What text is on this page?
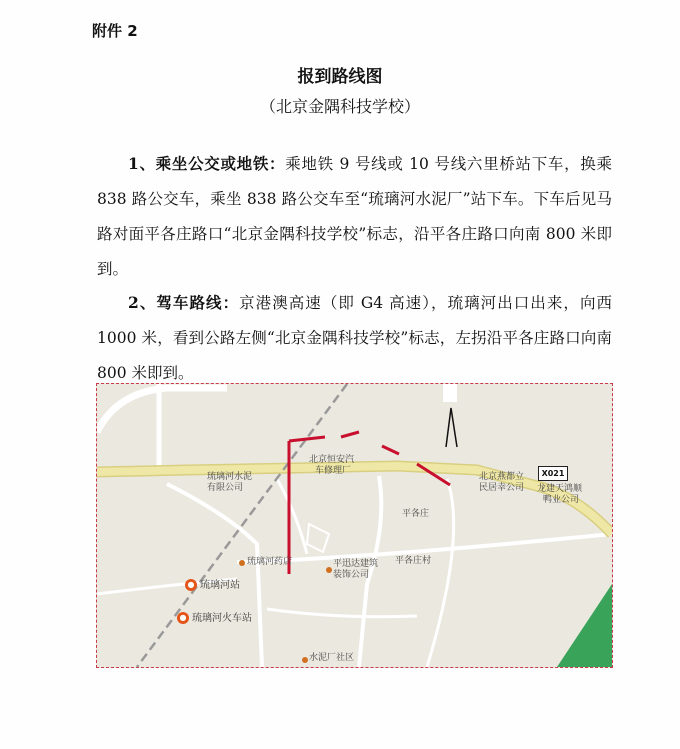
附件 2
报到路线图
（北京金隅科技学校）

1、乘坐公交或地铁：乘地铁 9 号线或 10 号线六里桥站下车，换乘 838 路公交车，乘坐 838 路公交车至“琉璃河水泥厂”站下车。下车后见马路对面平各庄路口“北京金隅科技学校”标志，沿平各庄路口向南 800 米即到。

2、驾车路线：京港澳高速（即 G4 高速），琉璃河出口出来，向西 1000 米，看到公路左侧“北京金隅科技学校”标志，左拐沿平各庄路口向南 800 米即到。

X021
琉璃河水泥
有限公司
北京恒安汽
车修理厂
北京燕都立
民居幸公司 龙建天鸿顺
鸭业公司
琉璃河药店
平各庄
平各庄村
平迅达建筑
装饰公司
● 琉璃河站
● 琉璃河火车站
水泥厂社区
